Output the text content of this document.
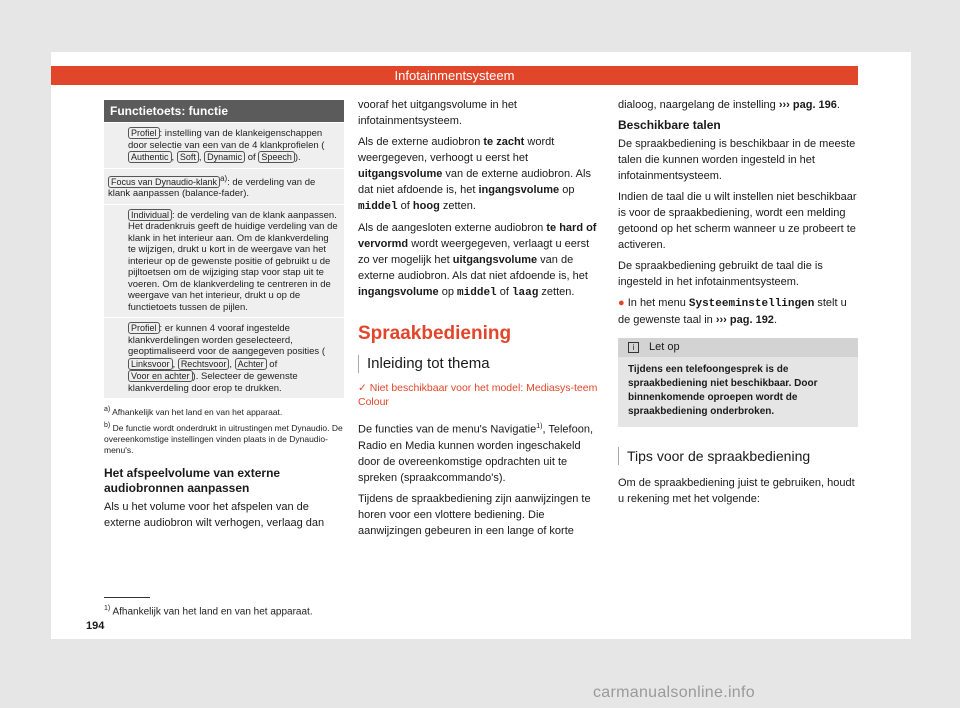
Infotainmentsysteem
Functietoets: functie
Profiel : instelling van de klankeigenschappen door selectie van een van de 4 klankprofielen (Authentic , Soft , Dynamic of Speech ).
Focus van Dynaudio-klank $^{a)}$: de verdeling van de klank aanpassen (balance-fader).
Individual : de verdeling van de klank aanpassen. Het dradenkruis geeft de huidige verdeling van de klank in het interieur aan. Om de klankverdeling te wijzigen, drukt u kort in de weergave van het interieur op de gewenste positie of gebruikt u de pijltoetsen om de wijziging stap voor stap uit te voeren. Om de klankverdeling te centreren in de weergave van het interieur, drukt u op de functietoets tussen de pijlen.
Profiel : er kunnen 4 vooraf ingestelde klankverdelingen worden geselecteerd, geoptimaliseerd voor de aangegeven posities (Linksvoor , Rechtsvoor , Achter of Voor en achter ). Selecteer de gewenste klankverdeling door erop te drukken.
$^{a)}$ Afhankelijk van het land en van het apparaat.
$^{b)}$ De functie wordt onderdrukt in uitrustingen met Dynaudio. De overeenkomstige instellingen vinden plaats in de Dynaudio-menu's.
Het afspeelvolume van externe audiobronnen aanpassen

Als u het volume voor het afspelen van de externe audiobron wilt verhogen, verlaag dan

vooraf het uitgangsvolume in het infotainmentsysteem.

Als de externe audiobron te zacht wordt weergegeven, verhoogt u eerst het uitgangsvolume van de externe audiobron. Als dat niet afdoende is, het ingangsvolume op middel of hoog zetten.

Als de aangesloten externe audiobron te hard of vervormd wordt weergegeven, verlaagt u eerst zo ver mogelijk het uitgangsvolume van de externe audiobron. Als dat niet afdoende is, het ingangsvolume op middel of laag zetten.

Spraakbediening
Inleiding tot thema
✓ Niet beschikbaar voor het model: Mediasys-teem Colour

De functies van de menu's Navigatie$^{1)}$, Telefoon, Radio en Media kunnen worden ingeschakeld door de overeenkomstige opdrachten uit te spreken (spraakcommando's).

Tijdens de spraakbediening zijn aanwijzingen te horen voor een vlottere bediening. Die aanwijzingen gebeuren in een lange of korte

dialoog, naargelang de instelling ››› pag. 196.

Beschikbare talen

De spraakbediening is beschikbaar in de meeste talen die kunnen worden ingesteld in het infotainmentsysteem.

Indien de taal die u wilt instellen niet beschikbaar is voor de spraakbediening, wordt een melding getoond op het scherm wanneer u ze probeert te activeren.

De spraakbediening gebruikt de taal die is ingesteld in het infotainmentsysteem.

● In het menu Systeeminstellingen stelt u de gewenste taal in ››› pag. 192.

i Let op
Tijdens een telefoongesprek is de spraakbediening niet beschikbaar. Door binnenkomende oproepen wordt de spraakbediening onderbroken.
Tips voor de spraakbediening

Om de spraakbediening juist te gebruiken, houdt u rekening met het volgende:

$^{1)}$ Afhankelijk van het land en van het apparaat.
194
carmanualsonline.info
